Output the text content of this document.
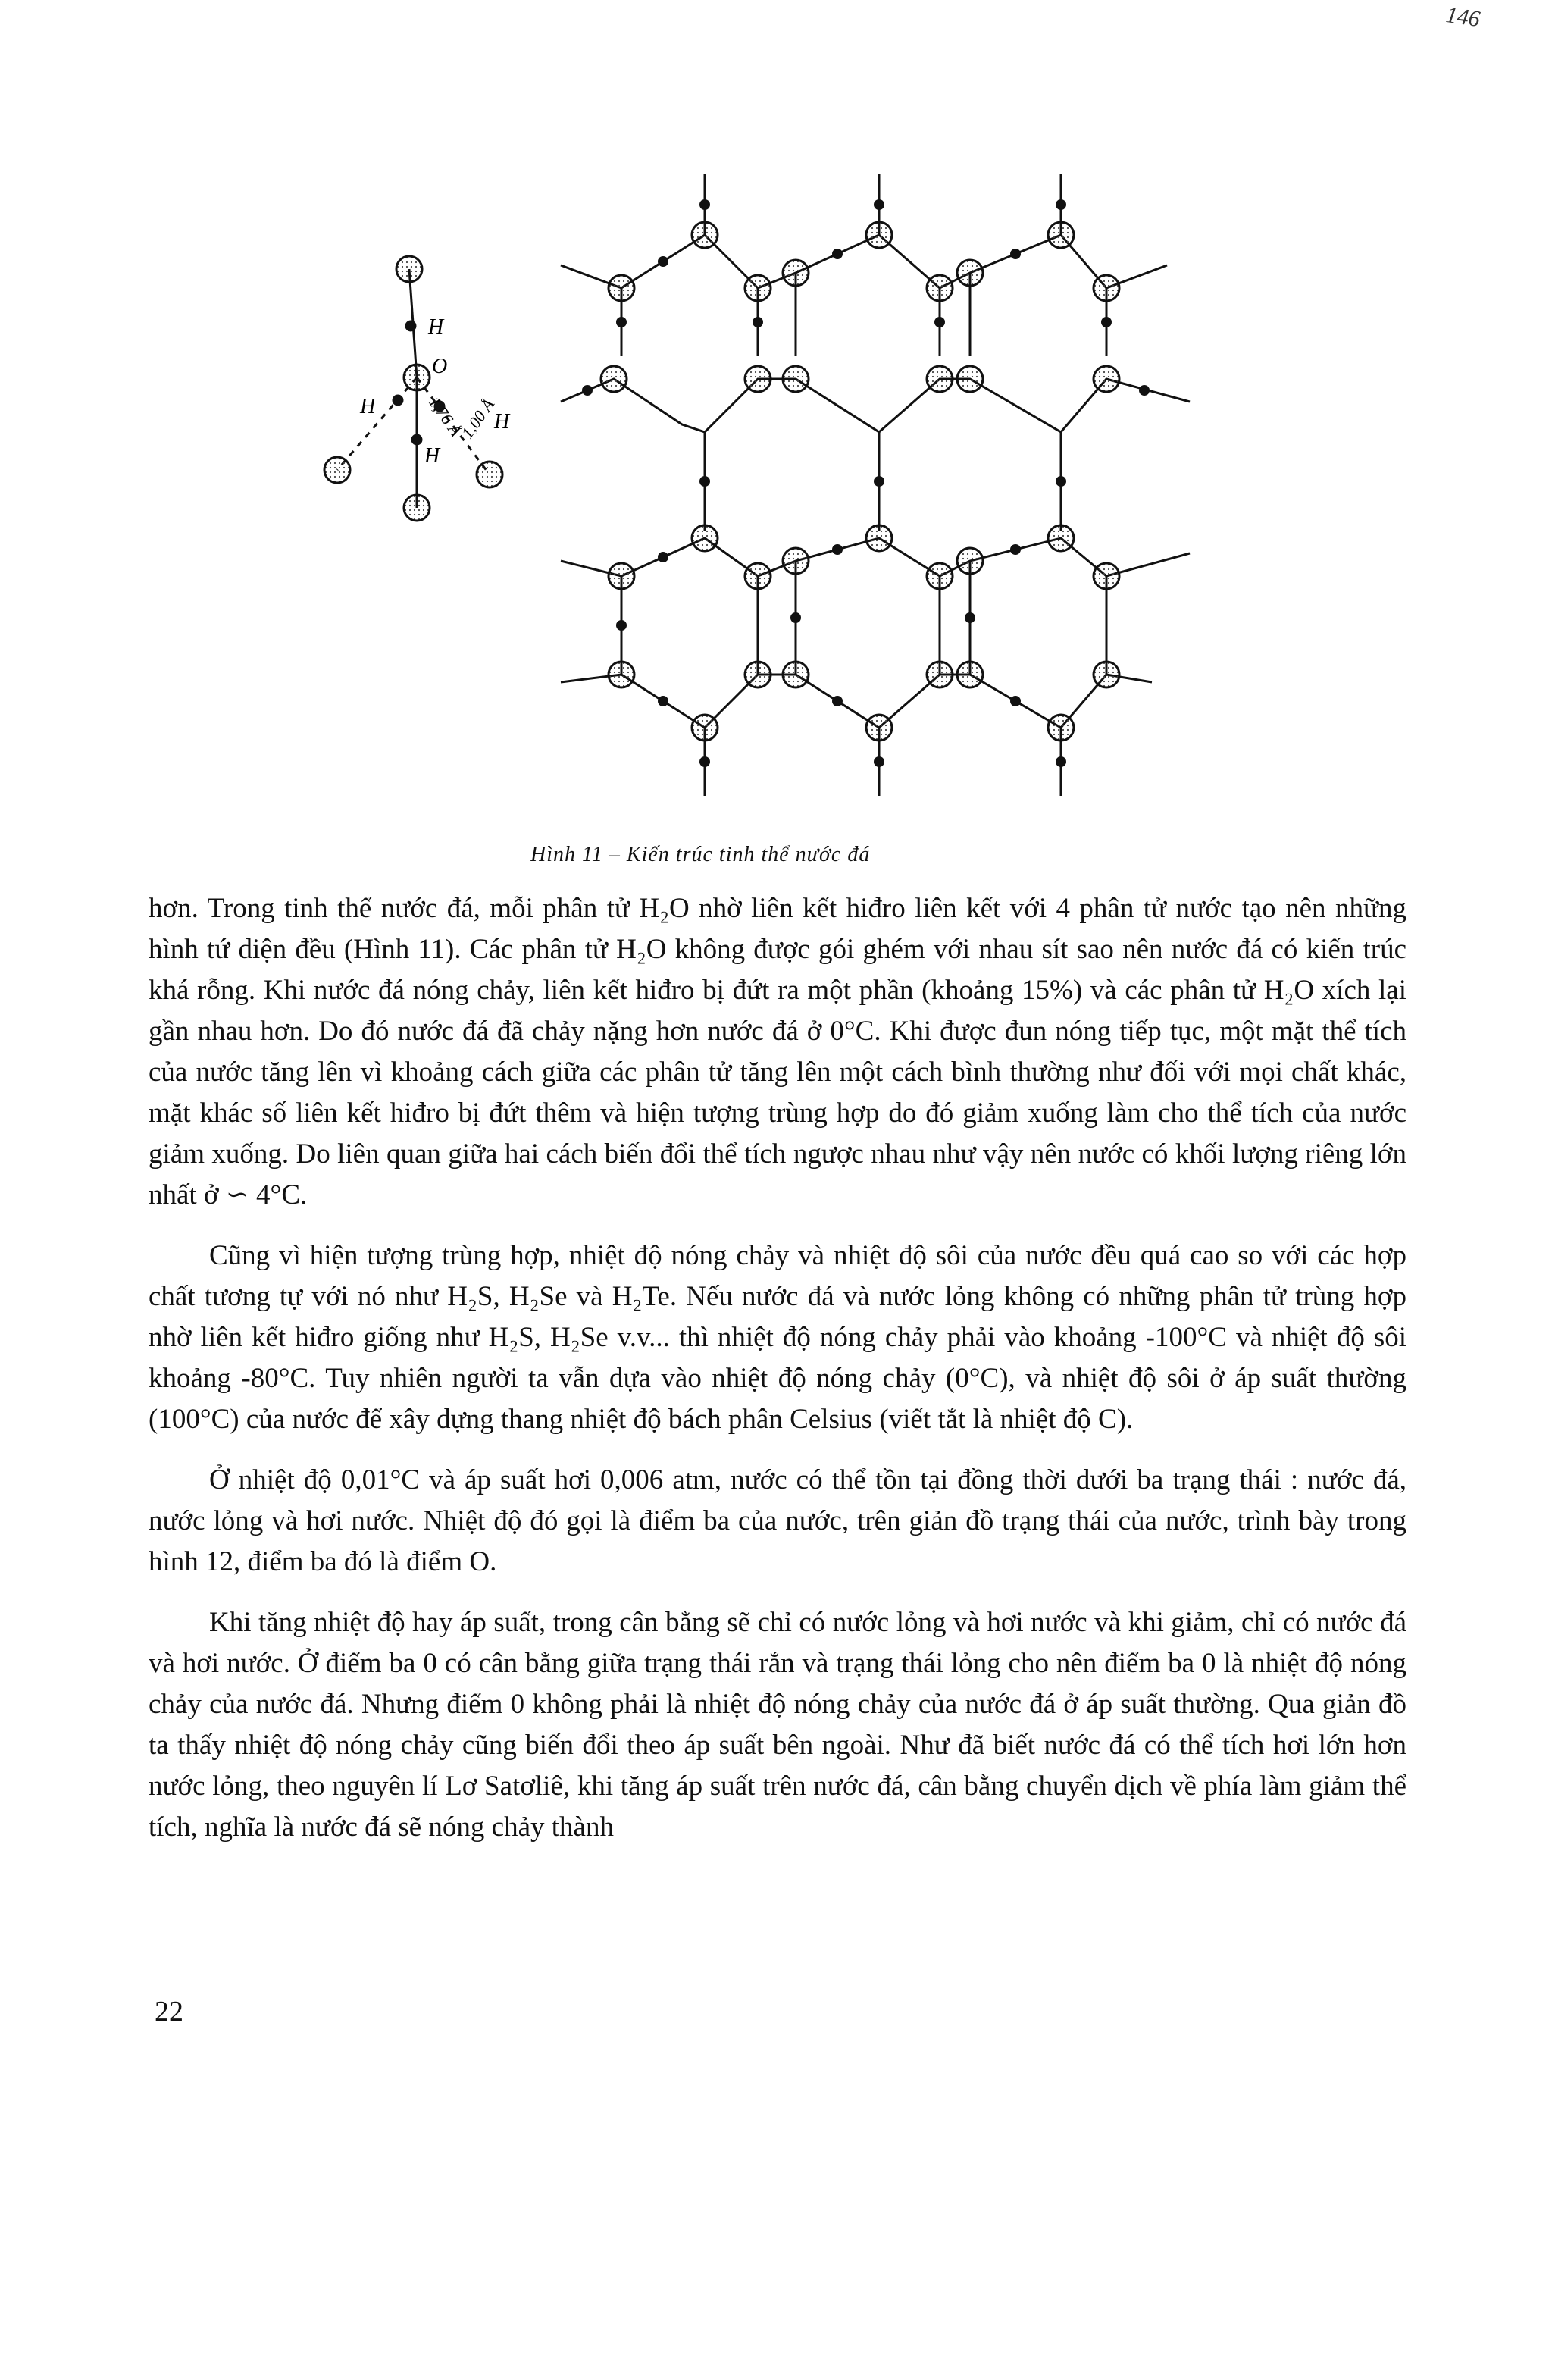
146
H
O
H
H
H
1,76 Å
1,00 Å
Hình 11 – Kiến trúc tinh thể nước đá

hơn. Trong tinh thể nước đá, mỗi phân tử H₂O nhờ liên kết hiđro liên kết với 4 phân tử nước tạo nên những hình tứ diện đều (Hình 11). Các phân tử H₂O không được gói ghém với nhau sít sao nên nước đá có kiến trúc khá rỗng. Khi nước đá nóng chảy, liên kết hiđro bị đứt ra một phần (khoảng 15%) và các phân tử H₂O xích lại gần nhau hơn. Do đó nước đá đã chảy nặng hơn nước đá ở 0°C. Khi được đun nóng tiếp tục, một mặt thể tích của nước tăng lên vì khoảng cách giữa các phân tử tăng lên một cách bình thường như đối với mọi chất khác, mặt khác số liên kết hiđro bị đứt thêm và hiện tượng trùng hợp do đó giảm xuống làm cho thể tích của nước giảm xuống. Do liên quan giữa hai cách biến đổi thể tích ngược nhau như vậy nên nước có khối lượng riêng lớn nhất ở ∽ 4°C.

Cũng vì hiện tượng trùng hợp, nhiệt độ nóng chảy và nhiệt độ sôi của nước đều quá cao so với các hợp chất tương tự với nó như H₂S, H₂Se và H₂Te. Nếu nước đá và nước lỏng không có những phân tử trùng hợp nhờ liên kết hiđro giống như H₂S, H₂Se v.v... thì nhiệt độ nóng chảy phải vào khoảng -100°C và nhiệt độ sôi khoảng -80°C. Tuy nhiên người ta vẫn dựa vào nhiệt độ nóng chảy (0°C), và nhiệt độ sôi ở áp suất thường (100°C) của nước để xây dựng thang nhiệt độ bách phân Celsius (viết tắt là nhiệt độ C).

Ở nhiệt độ 0,01°C và áp suất hơi 0,006 atm, nước có thể tồn tại đồng thời dưới ba trạng thái : nước đá, nước lỏng và hơi nước. Nhiệt độ đó gọi là điểm ba của nước, trên giản đồ trạng thái của nước, trình bày trong hình 12, điểm ba đó là điểm O.

Khi tăng nhiệt độ hay áp suất, trong cân bằng sẽ chỉ có nước lỏng và hơi nước và khi giảm, chỉ có nước đá và hơi nước. Ở điểm ba 0 có cân bằng giữa trạng thái rắn và trạng thái lỏng cho nên điểm ba 0 là nhiệt độ nóng chảy của nước đá. Nhưng điểm 0 không phải là nhiệt độ nóng chảy của nước đá ở áp suất thường. Qua giản đồ ta thấy nhiệt độ nóng chảy cũng biến đổi theo áp suất bên ngoài. Như đã biết nước đá có thể tích hơi lớn hơn nước lỏng, theo nguyên lí Lơ Satơliê, khi tăng áp suất trên nước đá, cân bằng chuyển dịch về phía làm giảm thể tích, nghĩa là nước đá sẽ nóng chảy thành

22
